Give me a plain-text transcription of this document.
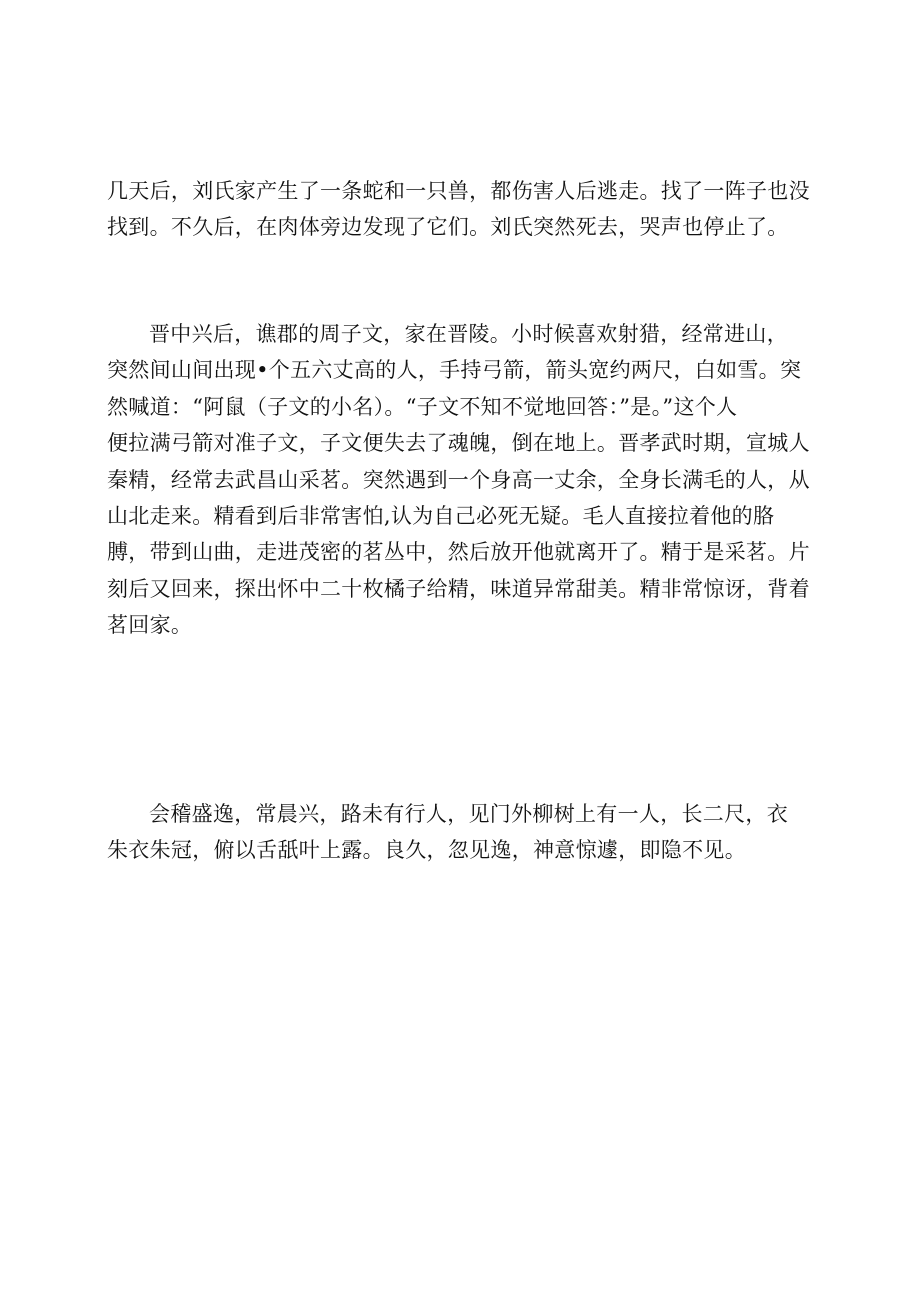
几天后，刘氏家产生了一条蛇和一只兽，都伤害人后逃走。找了一阵子也没
找到。不久后，在肉体旁边发现了它们。刘氏突然死去，哭声也停止了。
晋中兴后，谯郡的周子文，家在晋陵。小时候喜欢射猎，经常进山，
突然间山间出现•个五六丈高的人，手持弓箭，箭头宽约两尺，白如雪。突
然喊道：“阿鼠（子文的小名）。“子文不知不觉地回答：”是。”这个人
便拉满弓箭对准子文，子文便失去了魂魄，倒在地上。晋孝武时期，宣城人
秦精，经常去武昌山采茗。突然遇到一个身高一丈余，全身长满毛的人，从
山北走来。精看到后非常害怕,认为自己必死无疑。毛人直接拉着他的胳
膊，带到山曲，走进茂密的茗丛中，然后放开他就离开了。精于是采茗。片
刻后又回来，探出怀中二十枚橘子给精，味道异常甜美。精非常惊讶，背着
茗回家。
会稽盛逸，常晨兴，路未有行人，见门外柳树上有一人，长二尺，衣
朱衣朱冠，俯以舌舐叶上露。良久，忽见逸，神意惊遽，即隐不见。
